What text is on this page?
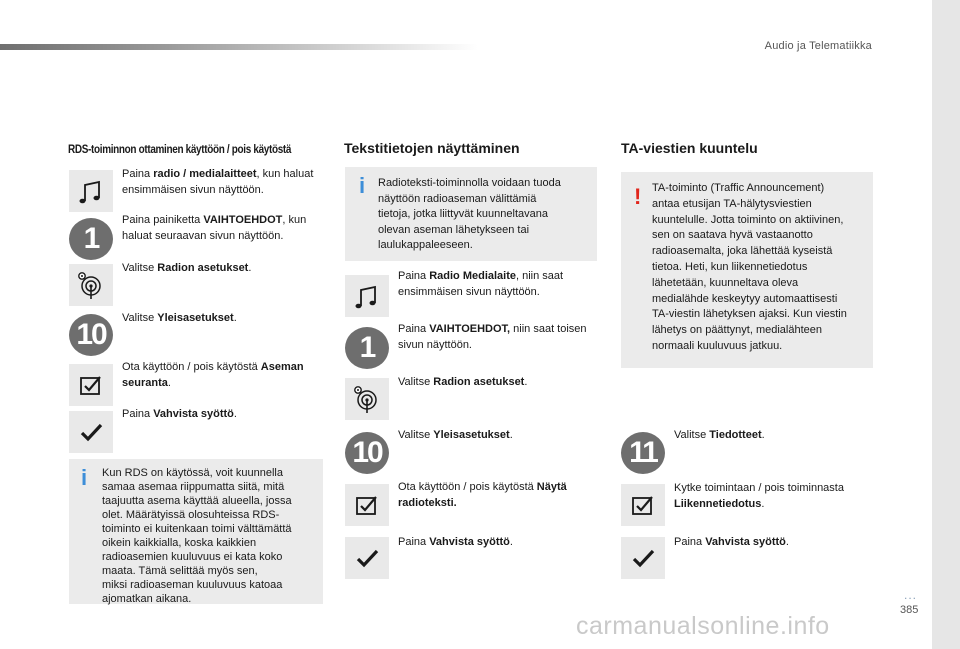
Audio ja Telematiikka
...
385
carmanualsonline.info
RDS-toiminnon ottaminen käyttöön / pois käytöstä
Paina radio / medialaitteet, kun haluat ensimmäisen sivun näyttöön.
1
Paina painiketta VAIHTOEHDOT, kun haluat seuraavan sivun näyttöön.
Valitse Radion asetukset.
10	Valitse Yleisasetukset.
Ota käyttöön / pois käytöstä Aseman seuranta.
Paina Vahvista syöttö.
i Kun RDS on käytössä, voit kuunnella
samaa asemaa riippumatta siitä, mitä
taajuutta asema käyttää alueella, jossa
olet. Määrätyissä olosuhteissa RDS-
toiminto ei kuitenkaan toimi välttämättä
oikein kaikkialla, koska kaikkien
radioasemien kuuluvuus ei kata koko
maata. Tämä selittää myös sen,
miksi radioaseman kuuluvuus katoaa
ajomatkan aikana.
Tekstitietojen näyttäminen
i Radioteksti-toiminnolla voidaan tuoda
näyttöön radioaseman välittämiä
tietoja, jotka liittyvät kuunneltavana
olevan aseman lähetykseen tai
laulukappaleeseen.
Paina Radio Medialaite, niin saat ensimmäisen sivun näyttöön.
1
Paina VAIHTOEHDOT, niin saat toisen sivun näyttöön.
Valitse Radion asetukset.
10
Valitse Yleisasetukset.
Ota käyttöön / pois käytöstä Näytä radioteksti.
Paina Vahvista syöttö.
TA-viestien kuuntelu
! TA-toiminto (Traffic Announcement)
antaa etusijan TA-hälytysviestien
kuuntelulle. Jotta toiminto on aktiivinen,
sen on saatava hyvä vastaanotto
radioasemalta, joka lähettää kyseistä
tietoa. Heti, kun liikennetiedotus
lähetetään, kuunneltava oleva
medialähde keskeytyy automaattisesti
TA-viestin lähetyksen ajaksi. Kun viestin
lähetys on päättynyt, medialähteen
normaali kuuluvuus jatkuu.
11
Valitse Tiedotteet.
Kytke toimintaan / pois toiminnasta Liikennetiedotus.
Paina Vahvista syöttö.
